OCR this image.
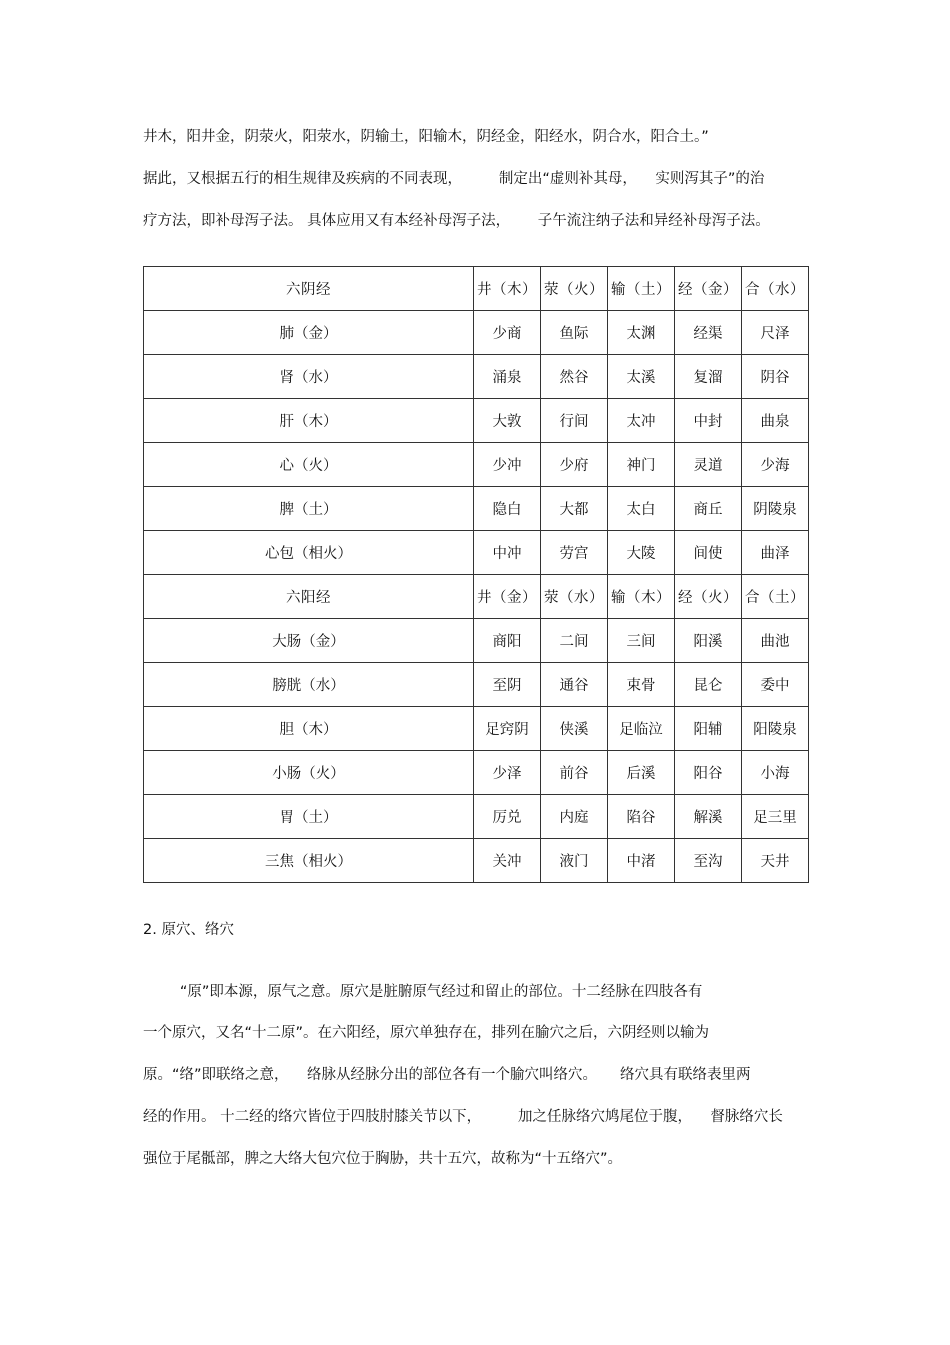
井木，阳井金，阴荥火，阳荥水，阴输土，阳输木，阴经金，阳经水，阴合水，阳合土。”
据此，又根据五行的相生规律及疾病的不同表现，        制定出“虚则补其母，    实则泻其子”的治
疗方法，即补母泻子法。 具体应用又有本经补母泻子法，      子午流注纳子法和异经补母泻子法。
六阴经	井（木）	荥（火）	输（土）	经（金）	合（水）
肺（金）	少商	鱼际	太渊	经渠	尺泽
肾（水）	涌泉	然谷	太溪	复溜	阴谷
肝（木）	大敦	行间	太冲	中封	曲泉
心（火）	少冲	少府	神门	灵道	少海
脾（土）	隐白	大都	太白	商丘	阴陵泉
心包（相火）	中冲	劳宫	大陵	间使	曲泽
六阳经	井（金）	荥（水）	输（木）	经（火）	合（土）
大肠（金）	商阳	二间	三间	阳溪	曲池
膀胱（水）	至阴	通谷	束骨	昆仑	委中
胆（木）	足窍阴	侠溪	足临泣	阳辅	阳陵泉
小肠（火）	少泽	前谷	后溪	阳谷	小海
胃（土）	厉兑	内庭	陷谷	解溪	足三里
三焦（相火）	关冲	液门	中渚	至沟	天井
2. 原穴、络穴
“原”即本源，原气之意。原穴是脏腑原气经过和留止的部位。十二经脉在四肢各有
一个原穴，又名“十二原”。在六阳经，原穴单独存在，排列在腧穴之后，六阴经则以输为
原。“络”即联络之意，    络脉从经脉分出的部位各有一个腧穴叫络穴。     络穴具有联络表里两
经的作用。 十二经的络穴皆位于四肢肘膝关节以下，        加之任脉络穴鸠尾位于腹，    督脉络穴长
强位于尾骶部，脾之大络大包穴位于胸胁，共十五穴，故称为“十五络穴”。
